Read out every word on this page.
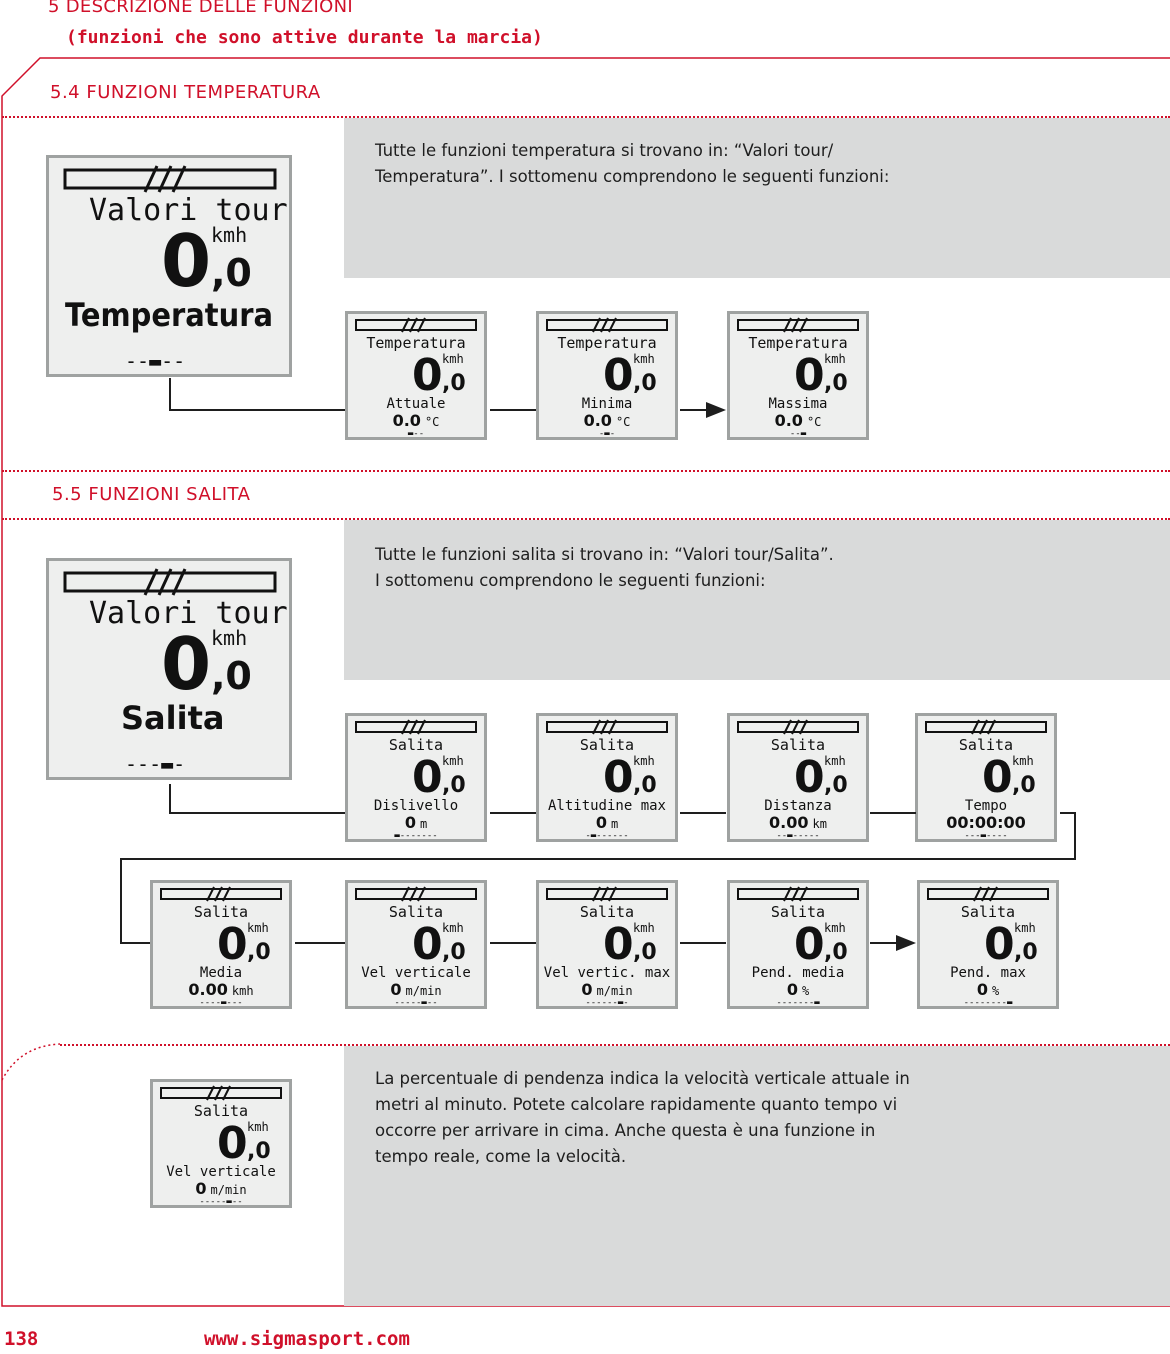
5 DESCRIZIONE DELLE FUNZIONI
(funzioni che sono attive durante la marcia)
5.4 FUNZIONI TEMPERATURA
Tutte le funzioni temperatura si trovano in: “Valori tour/
Temperatura”. I sottomenu comprendono le seguenti funzioni:
5.5 FUNZIONI SALITA
Tutte le funzioni salita si trovano in: “Valori tour/Salita”.
I sottomenu comprendono le seguenti funzioni:
La percentuale di pendenza indica la velocità verticale attuale in
metri al minuto. Potete calcolare rapidamente quanto tempo vi
occorre per arrivare in cima. Anche questa è una funzione in
tempo reale, come la velocità.
Valori tour
0 ,0
kmh
Temperatura
--▬--
Valori tour
0 ,0
kmh
Salita
---▬-
Temperatura
0 ,0
kmh
Attuale
0.0 °C
▬--
Temperatura
0 ,0
kmh
Minima
0.0 °C
-▬-
Temperatura
0 ,0
kmh
Massima
0.0 °C
--▬
Salita
0 ,0
kmh
Dislivello
0 m
▬-------
Salita
0 ,0
kmh
Altitudine max
0 m
-▬------
Salita
0 ,0
kmh
Distanza
0.00 km
--▬-----
Salita
0 ,0
kmh
Tempo
00:00:00
---▬----
Salita
0 ,0
kmh
Media
0.00 kmh
----▬---
Salita
0 ,0
kmh
Vel verticale
0 m/min
-----▬--
Salita
0 ,0
kmh
Vel vertic. max
0 m/min
------▬-
Salita
0 ,0
kmh
Pend. media
0 %
-------▬
Salita
0 ,0
kmh
Pend. max
0 %
--------▬
Salita
0 ,0
kmh
Vel verticale
0 m/min
-----▬--
138	www.sigmasport.com
